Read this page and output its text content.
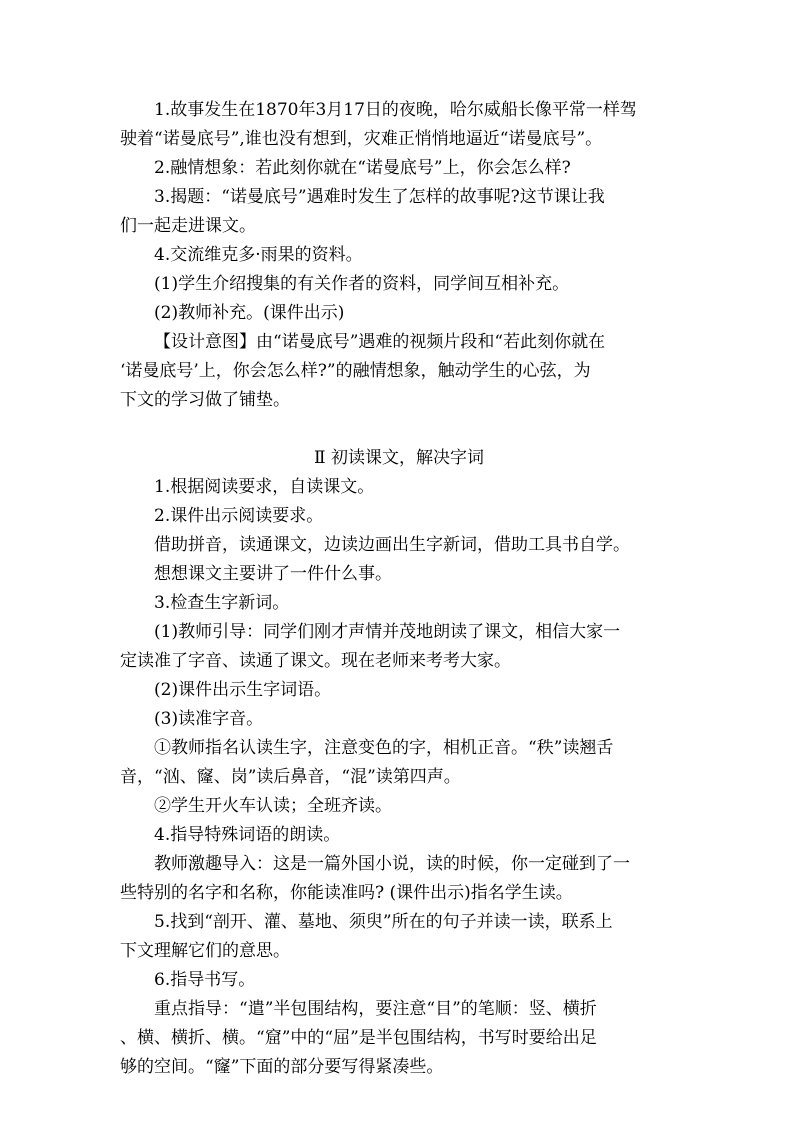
1.故事发生在1870年3月17日的夜晚，哈尔威船长像平常一样驾

驶着“诺曼底号”,谁也没有想到，灾难正悄悄地逼近“诺曼底号”。

2.融情想象：若此刻你就在“诺曼底号”上，你会怎么样?

3.揭题：“诺曼底号”遇难时发生了怎样的故事呢?这节课让我

们一起走进课文。

4.交流维克多·雨果的资料。

(1)学生介绍搜集的有关作者的资料，同学间互相补充。

(2)教师补充。(课件出示)

【设计意图】由“诺曼底号”遇难的视频片段和“若此刻你就在

‘诺曼底号’上，你会怎么样?”的融情想象，触动学生的心弦，为

下文的学习做了铺垫。

Ⅱ 初读课文，解决字词

1.根据阅读要求，自读课文。

2.课件出示阅读要求。

借助拼音，读通课文，边读边画出生字新词，借助工具书自学。

想想课文主要讲了一件什么事。

3.检查生字新词。

(1)教师引导：同学们刚才声情并茂地朗读了课文，相信大家一

定读准了字音、读通了课文。现在老师来考考大家。

(2)课件出示生字词语。

(3)读准字音。

①教师指名认读生字，注意变色的字，相机正音。“秩”读翘舌

音，“汹、窿、岗”读后鼻音，“混”读第四声。

②学生开火车认读；全班齐读。

4.指导特殊词语的朗读。

教师激趣导入：这是一篇外国小说，读的时候，你一定碰到了一

些特别的名字和名称，你能读准吗? (课件出示)指名学生读。

5.找到“剖开、灌、墓地、须臾”所在的句子并读一读，联系上

下文理解它们的意思。

6.指导书写。

重点指导：“遣”半包围结构，要注意“目”的笔顺：竖、横折

、横、横折、横。“窟”中的“屈”是半包围结构，书写时要给出足

够的空间。“窿”下面的部分要写得紧凑些。
